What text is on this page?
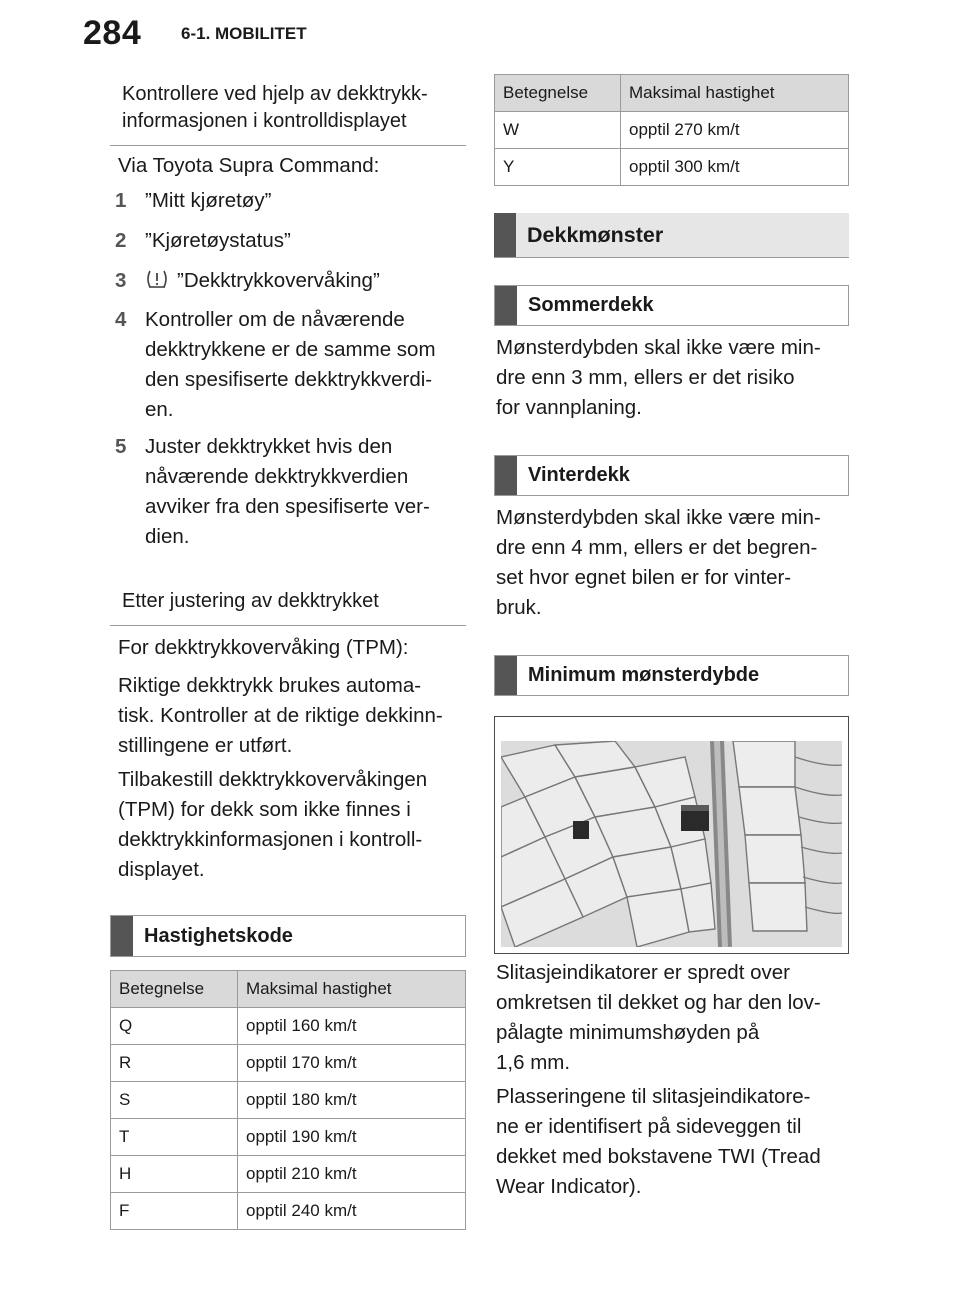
284 6-1. MOBILITET
Kontrollere ved hjelp av dekktrykk-
informasjonen i kontrolldisplayet

Via Toyota Supra Command:

1 ”Mitt kjøretøy”
2 ”Kjøretøystatus”
3	”Dekktrykkovervåking”
4 Kontroller om de nåværende
dekktrykkene er de samme som
den spesifiserte dekktrykkverdi-
en.
5 Juster dekktrykket hvis den
nåværende dekktrykkverdien
avviker fra den spesifiserte ver-
dien.
Etter justering av dekktrykket

For dekktrykkovervåking (TPM):

Riktige dekktrykk brukes automa-
tisk. Kontroller at de riktige dekkinn-
stillingene er utført.

Tilbakestill dekktrykkovervåkingen
(TPM) for dekk som ikke finnes i
dekktrykkinformasjonen i kontroll-
displayet.

Hastighetskode
Betegnelse	Maksimal hastighet
Q	opptil 160 km/t
R	opptil 170 km/t
S	opptil 180 km/t
T	opptil 190 km/t
H	opptil 210 km/t
F	opptil 240 km/t
Betegnelse	Maksimal hastighet
W	opptil 270 km/t
Y	opptil 300 km/t
Dekkmønster
Sommerdekk

Mønsterdybden skal ikke være min-
dre enn 3 mm, ellers er det risiko
for vannplaning.

Vinterdekk

Mønsterdybden skal ikke være min-
dre enn 4 mm, ellers er det begren-
set hvor egnet bilen er for vinter-
bruk.

Minimum mønsterdybde

Slitasjeindikatorer er spredt over
omkretsen til dekket og har den lov-
pålagte minimumshøyden på
1,6 mm.

Plasseringene til slitasjeindikatore-
ne er identifisert på sideveggen til
dekket med bokstavene TWI (Tread
Wear Indicator).
